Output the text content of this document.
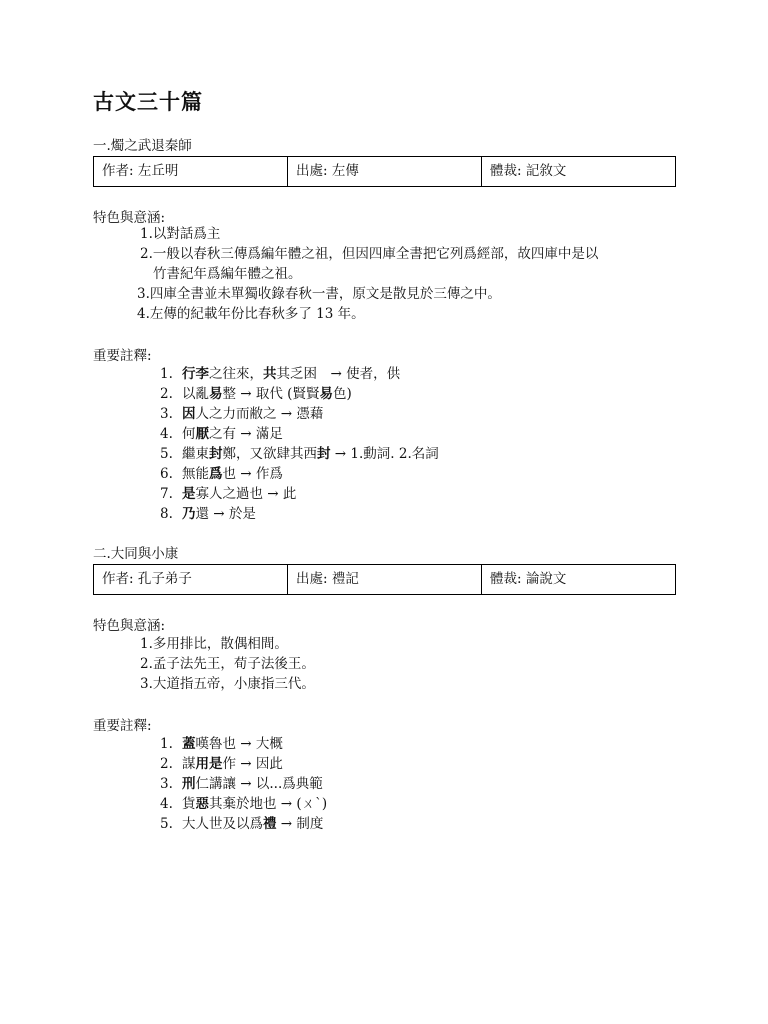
古文三十篇
一.燭之武退秦師
作者: 左丘明	出處: 左傳	體裁: 記敘文
特色與意涵:
1.以對話爲主
2.一般以春秋三傳爲編年體之祖，但因四庫全書把它列爲經部，故四庫中是以
竹書紀年爲編年體之祖。
3.四庫全書並未單獨收錄春秋一書，原文是散見於三傳之中。
4.左傳的紀載年份比春秋多了 13 年。
重要註釋:
1. 行李之往來，共其乏困　→ 使者，供
2. 以亂易整 → 取代 (賢賢易色)
3. 因人之力而敝之 → 憑藉
4. 何厭之有 → 滿足
5. 繼東封鄭，又欲肆其西封 → 1.動詞. 2.名詞
6. 無能爲也 → 作爲
7. 是寡人之過也 → 此
8. 乃還 → 於是
二.大同與小康
作者: 孔子弟子	出處: 禮記	體裁: 論說文
特色與意涵:
1.多用排比，散偶相間。
2.孟子法先王，荀子法後王。
3.大道指五帝，小康指三代。
重要註釋:
1. 蓋嘆魯也 → 大概
2. 謀用是作 → 因此
3. 刑仁講讓 → 以...爲典範
4. 貨惡其棄於地也 → (ㄨˋ)
5. 大人世及以爲禮 → 制度
